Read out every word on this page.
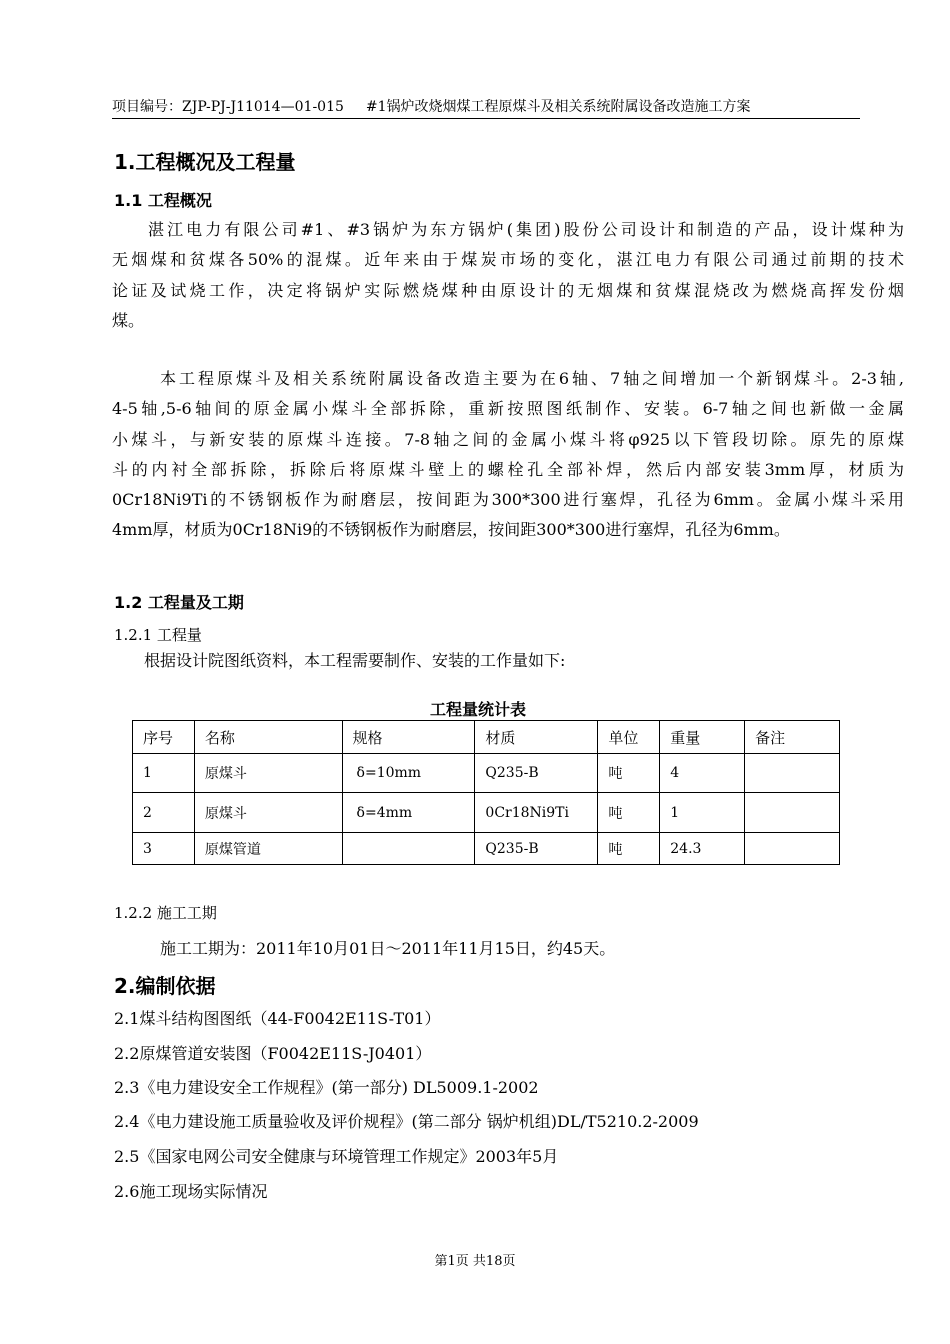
项目编号：ZJP-PJ-J11014—01-015 #1锅炉改烧烟煤工程原煤斗及相关系统附属设备改造施工方案
1.工程概况及工程量
1.1 工程概况
湛江电力有限公司#1、#3锅炉为东方锅炉(集团)股份公司设计和制造的产品，设计煤种为
无烟煤和贫煤各50%的混煤。近年来由于煤炭市场的变化，湛江电力有限公司通过前期的技术
论证及试烧工作，决定将锅炉实际燃烧煤种由原设计的无烟煤和贫煤混烧改为燃烧高挥发份烟
煤。
本工程原煤斗及相关系统附属设备改造主要为在6轴、7轴之间增加一个新钢煤斗。2-3轴,
4-5轴,5-6轴间的原金属小煤斗全部拆除，重新按照图纸制作、安装。6-7轴之间也新做一金属
小煤斗，与新安装的原煤斗连接。7-8轴之间的金属小煤斗将φ925以下管段切除。原先的原煤
斗的内衬全部拆除，拆除后将原煤斗壁上的螺栓孔全部补焊，然后内部安装3mm厚，材质为
0Cr18Ni9Ti的不锈钢板作为耐磨层，按间距为300*300进行塞焊，孔径为6mm。金属小煤斗采用
4mm厚，材质为0Cr18Ni9的不锈钢板作为耐磨层，按间距300*300进行塞焊，孔径为6mm。
1.2 工程量及工期
1.2.1 工程量
根据设计院图纸资料，本工程需要制作、安装的工作量如下:
工程量统计表
序号	名称	规格	材质	单位	重量	备注
1	原煤斗	δ=10mm	Q235-B	吨	4	
2	原煤斗	δ=4mm	0Cr18Ni9Ti	吨	1	
3	原煤管道		Q235-B	吨	24.3	
1.2.2 施工工期
施工工期为：2011年10月01日～2011年11月15日，约45天。
2.编制依据
2.1煤斗结构图图纸（44-F0042E11S-T01）
2.2原煤管道安装图（F0042E11S-J0401）
2.3《电力建设安全工作规程》(第一部分) DL5009.1-2002
2.4《电力建设施工质量验收及评价规程》(第二部分 锅炉机组)DL/T5210.2-2009
2.5《国家电网公司安全健康与环境管理工作规定》2003年5月
2.6施工现场实际情况
第1页 共18页
